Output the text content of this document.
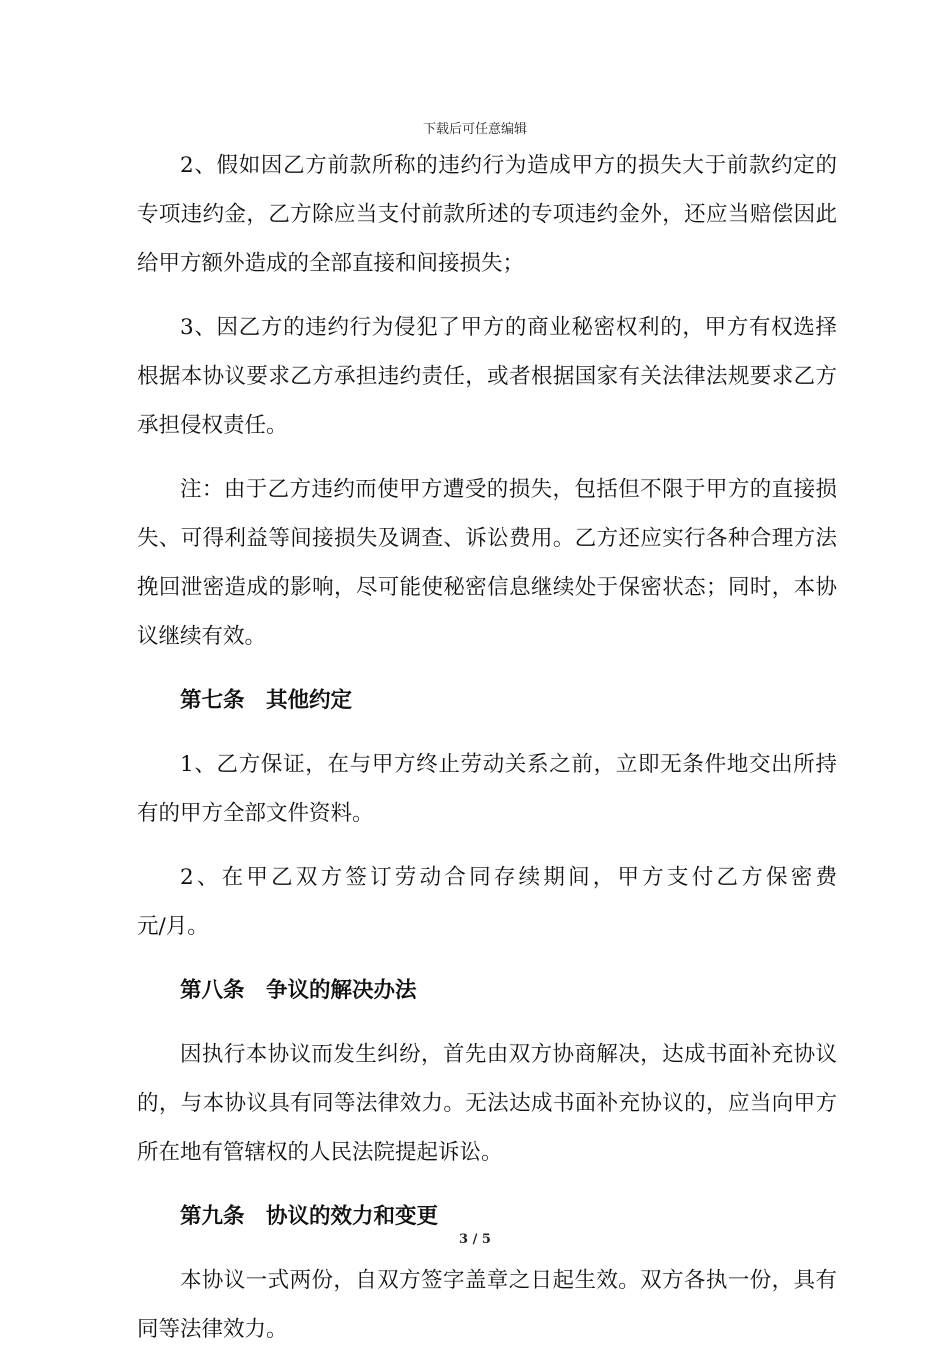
下载后可任意编辑

2、假如因乙方前款所称的违约行为造成甲方的损失大于前款约定的专项违约金，乙方除应当支付前款所述的专项违约金外，还应当赔偿因此给甲方额外造成的全部直接和间接损失；

3、因乙方的违约行为侵犯了甲方的商业秘密权利的，甲方有权选择根据本协议要求乙方承担违约责任，或者根据国家有关法律法规要求乙方承担侵权责任。

注：由于乙方违约而使甲方遭受的损失，包括但不限于甲方的直接损失、可得利益等间接损失及调查、诉讼费用。乙方还应实行各种合理方法挽回泄密造成的影响，尽可能使秘密信息继续处于保密状态；同时，本协议继续有效。

第七条　其他约定

1、乙方保证，在与甲方终止劳动关系之前，立即无条件地交出所持有的甲方全部文件资料。

2、在甲乙双方签订劳动合同存续期间，甲方支付乙方保密费　　　　　元/月。

第八条　争议的解决办法

因执行本协议而发生纠纷，首先由双方协商解决，达成书面补充协议的，与本协议具有同等法律效力。无法达成书面补充协议的，应当向甲方所在地有管辖权的人民法院提起诉讼。

第九条　协议的效力和变更

本协议一式两份，自双方签字盖章之日起生效。双方各执一份，具有同等法律效力。

3 / 5
